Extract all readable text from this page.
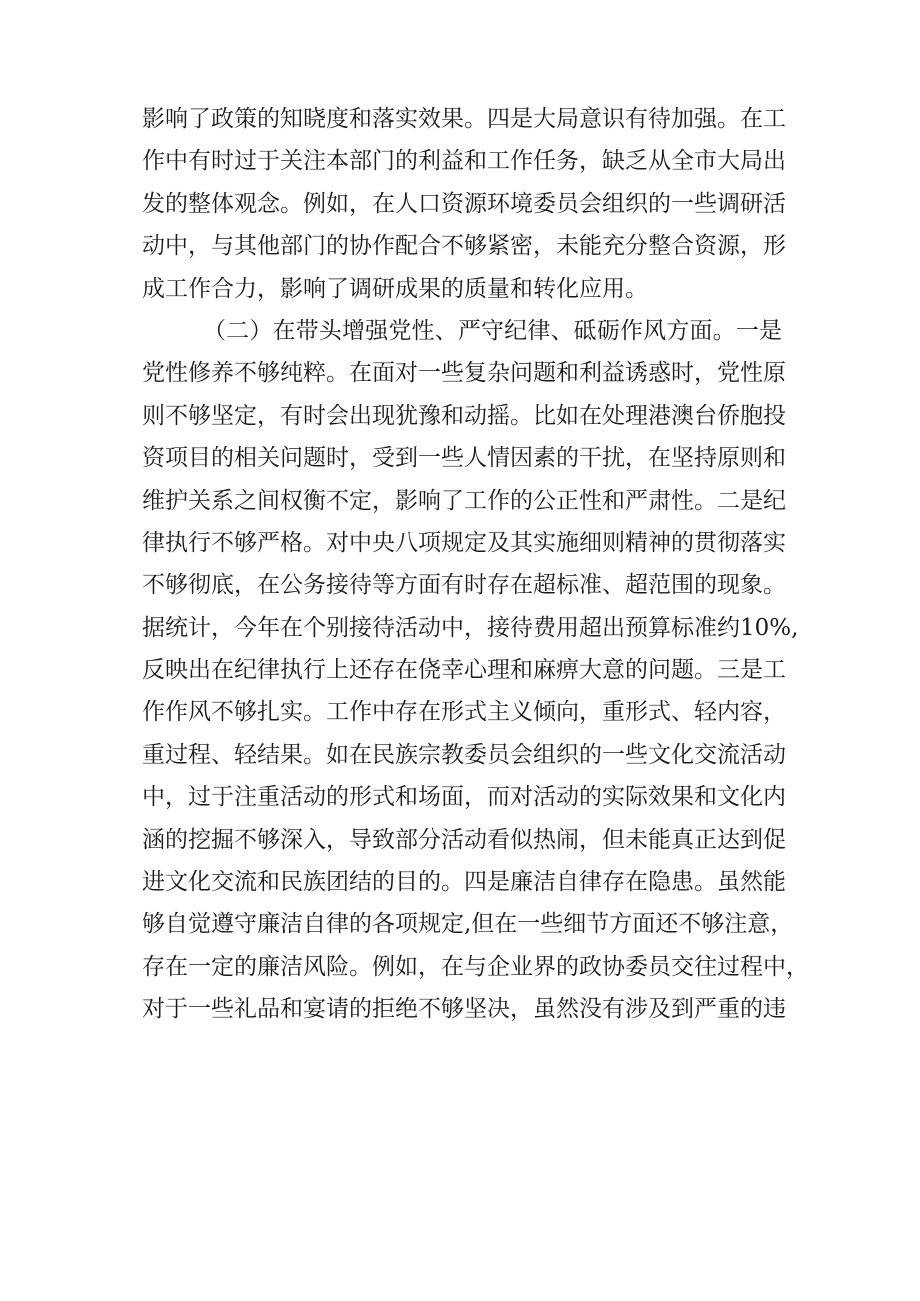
影响了政策的知晓度和落实效果。四是大局意识有待加强。在工
作中有时过于关注本部门的利益和工作任务，缺乏从全市大局出
发的整体观念。例如，在人口资源环境委员会组织的一些调研活
动中，与其他部门的协作配合不够紧密，未能充分整合资源，形
成工作合力，影响了调研成果的质量和转化应用。
（二）在带头增强党性、严守纪律、砥砺作风方面。一是
党性修养不够纯粹。在面对一些复杂问题和利益诱惑时，党性原
则不够坚定，有时会出现犹豫和动摇。比如在处理港澳台侨胞投
资项目的相关问题时，受到一些人情因素的干扰，在坚持原则和
维护关系之间权衡不定，影响了工作的公正性和严肃性。二是纪
律执行不够严格。对中央八项规定及其实施细则精神的贯彻落实
不够彻底，在公务接待等方面有时存在超标准、超范围的现象。
据统计，今年在个别接待活动中，接待费用超出预算标准约10%,
反映出在纪律执行上还存在侥幸心理和麻痹大意的问题。三是工
作作风不够扎实。工作中存在形式主义倾向，重形式、轻内容，
重过程、轻结果。如在民族宗教委员会组织的一些文化交流活动
中，过于注重活动的形式和场面，而对活动的实际效果和文化内
涵的挖掘不够深入，导致部分活动看似热闹，但未能真正达到促
进文化交流和民族团结的目的。四是廉洁自律存在隐患。虽然能
够自觉遵守廉洁自律的各项规定,但在一些细节方面还不够注意，
存在一定的廉洁风险。例如，在与企业界的政协委员交往过程中，
对于一些礼品和宴请的拒绝不够坚决，虽然没有涉及到严重的违
